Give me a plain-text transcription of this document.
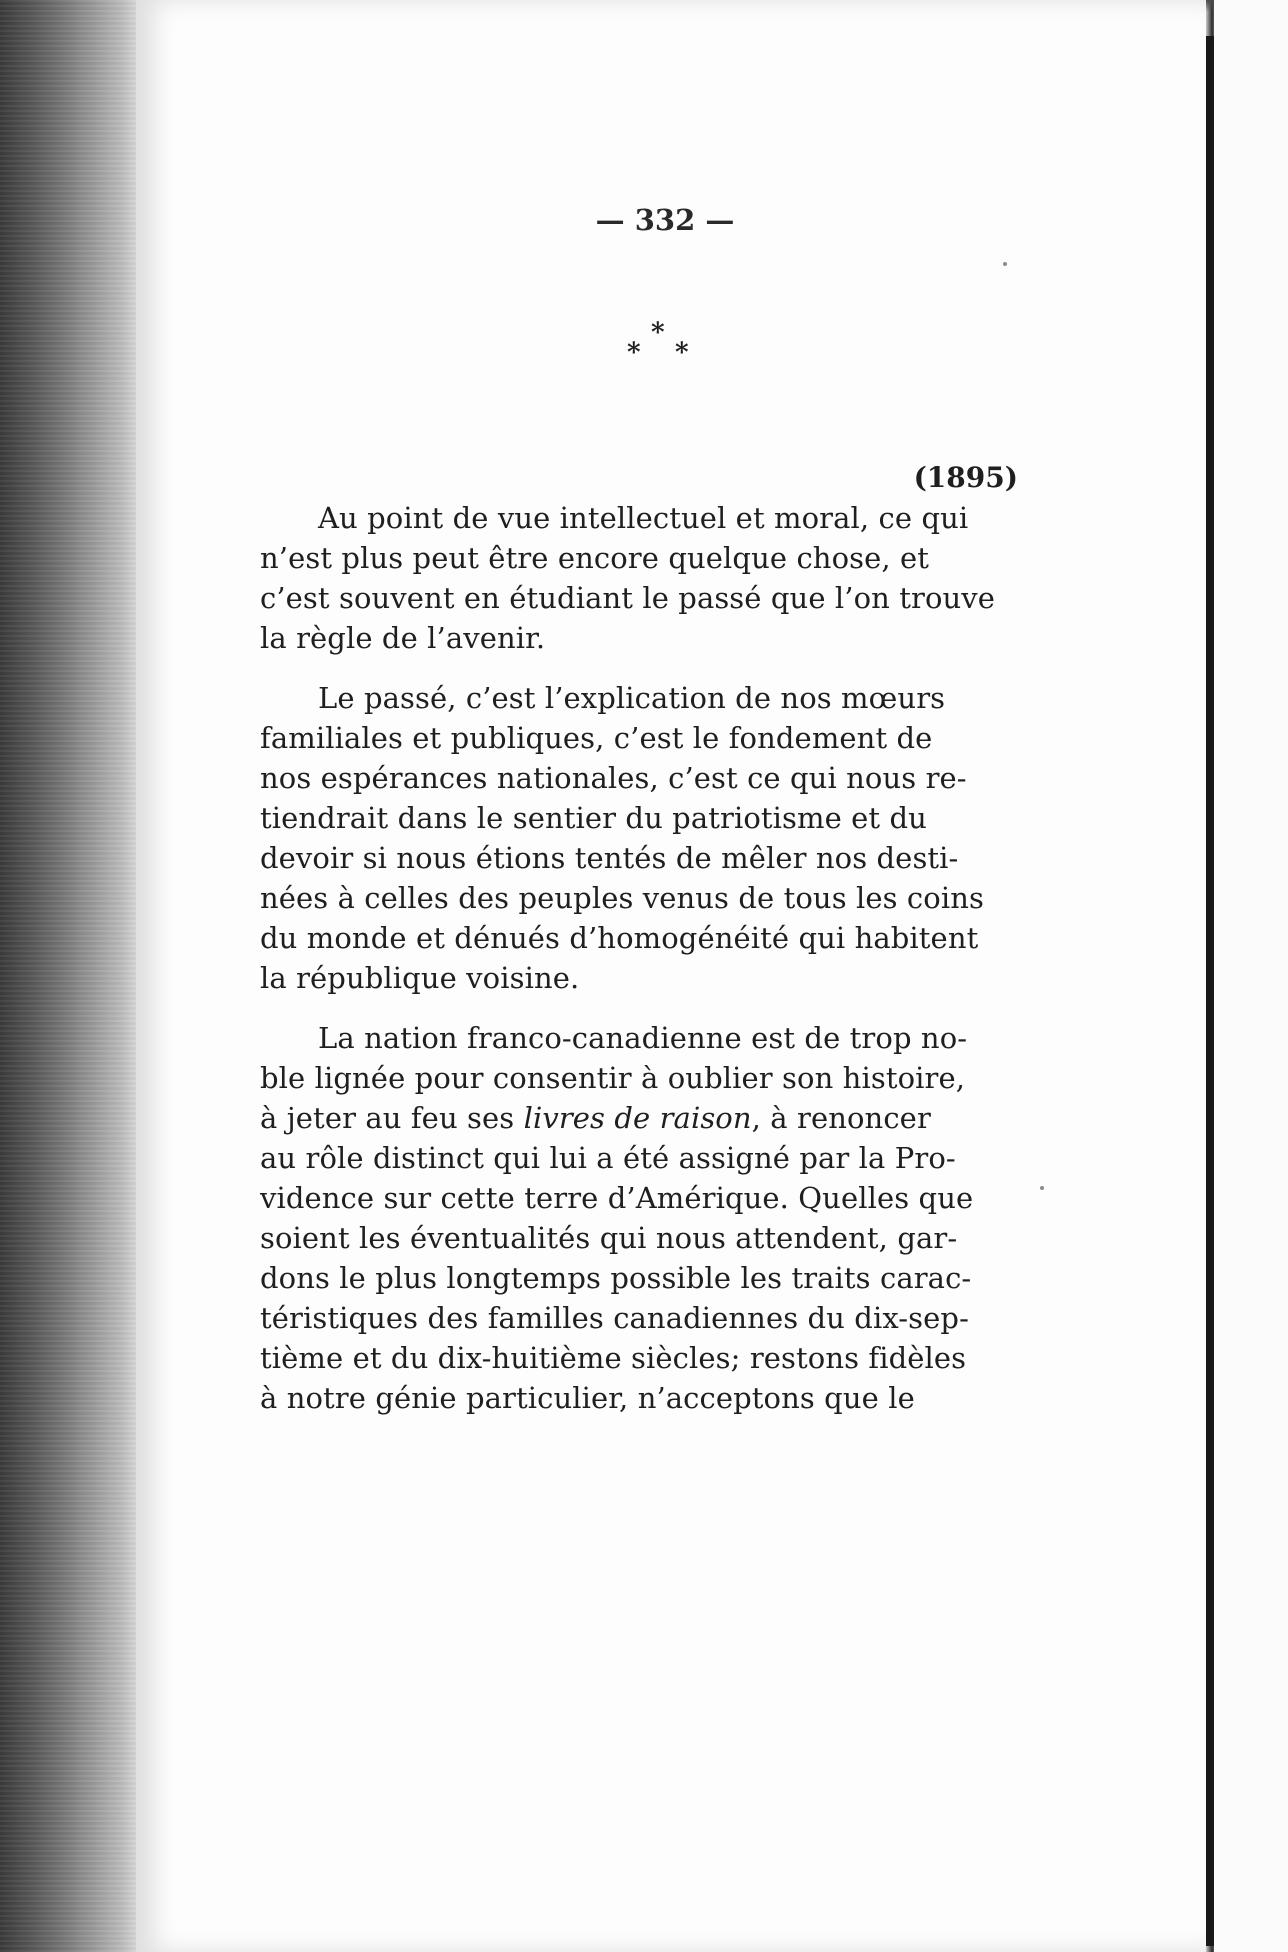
— 332 —
*
* *
(1895)
Au point de vue intellectuel et moral, ce qui
n’est plus peut être encore quelque chose, et
c’est souvent en étudiant le passé que l’on trouve
la règle de l’avenir.
Le passé, c’est l’explication de nos mœurs
familiales et publiques, c’est le fondement de
nos espérances nationales, c’est ce qui nous re-
tiendrait dans le sentier du patriotisme et du
devoir si nous étions tentés de mêler nos desti-
nées à celles des peuples venus de tous les coins
du monde et dénués d’homogénéité qui habitent
la république voisine.
La nation franco-canadienne est de trop no-
ble lignée pour consentir à oublier son histoire,
à jeter au feu ses livres de raison, à renoncer
au rôle distinct qui lui a été assigné par la Pro-
vidence sur cette terre d’Amérique. Quelles que
soient les éventualités qui nous attendent, gar-
dons le plus longtemps possible les traits carac-
téristiques des familles canadiennes du dix-sep-
tième et du dix-huitième siècles; restons fidèles
à notre génie particulier, n’acceptons que le
